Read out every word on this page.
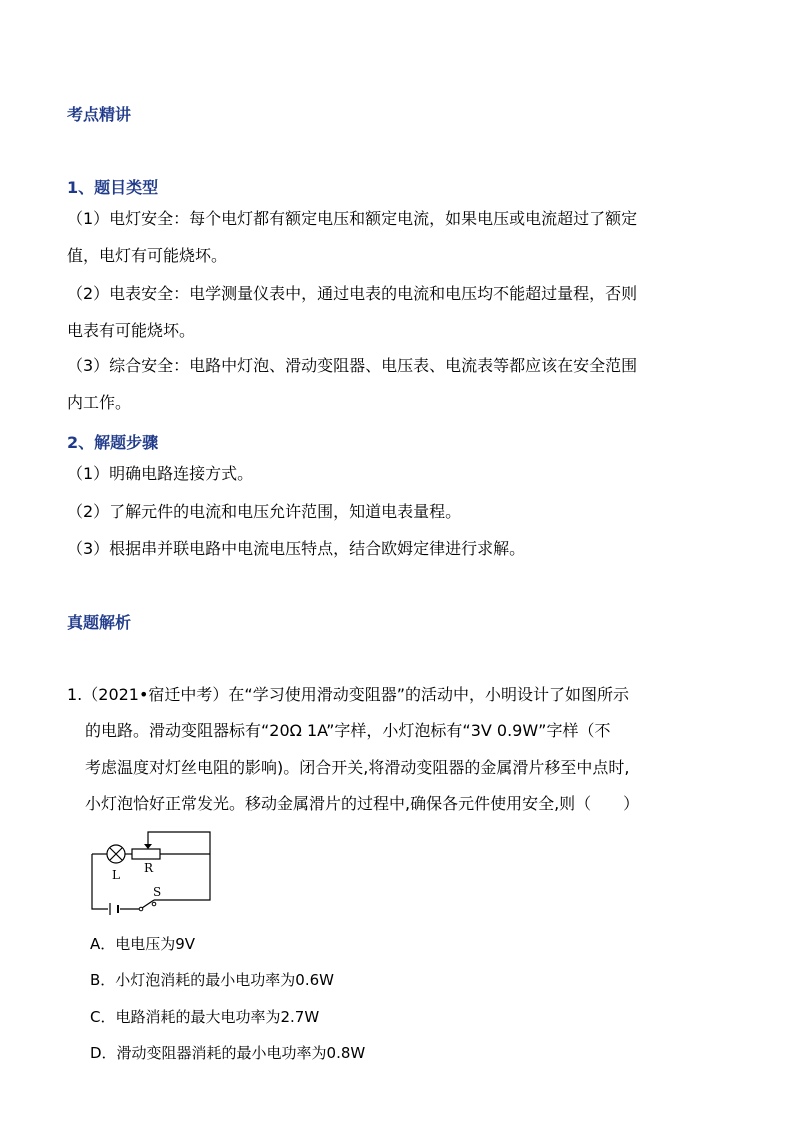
考点精讲
1、题目类型
（1）电灯安全：每个电灯都有额定电压和额定电流，如果电压或电流超过了额定
值，电灯有可能烧坏。
（2）电表安全：电学测量仪表中，通过电表的电流和电压均不能超过量程，否则
电表有可能烧坏。
（3）综合安全：电路中灯泡、滑动变阻器、电压表、电流表等都应该在安全范围
内工作。
2、解题步骤
（1）明确电路连接方式。
（2）了解元件的电流和电压允许范围，知道电表量程。
（3）根据串并联电路中电流电压特点，结合欧姆定律进行求解。
真题解析
1.（2021•宿迁中考）在“学习使用滑动变阻器”的活动中，小明设计了如图所示
的电路。滑动变阻器标有“20Ω 1A”字样，小灯泡标有“3V 0.9W”字样（不
考虑温度对灯丝电阻的影响)。闭合开关,将滑动变阻器的金属滑片移至中点时,
小灯泡恰好正常发光。移动金属滑片的过程中,确保各元件使用安全,则（　　）
L R
S
A．电电压为9V
B．小灯泡消耗的最小电功率为0.6W
C．电路消耗的最大电功率为2.7W
D．滑动变阻器消耗的最小电功率为0.8W
